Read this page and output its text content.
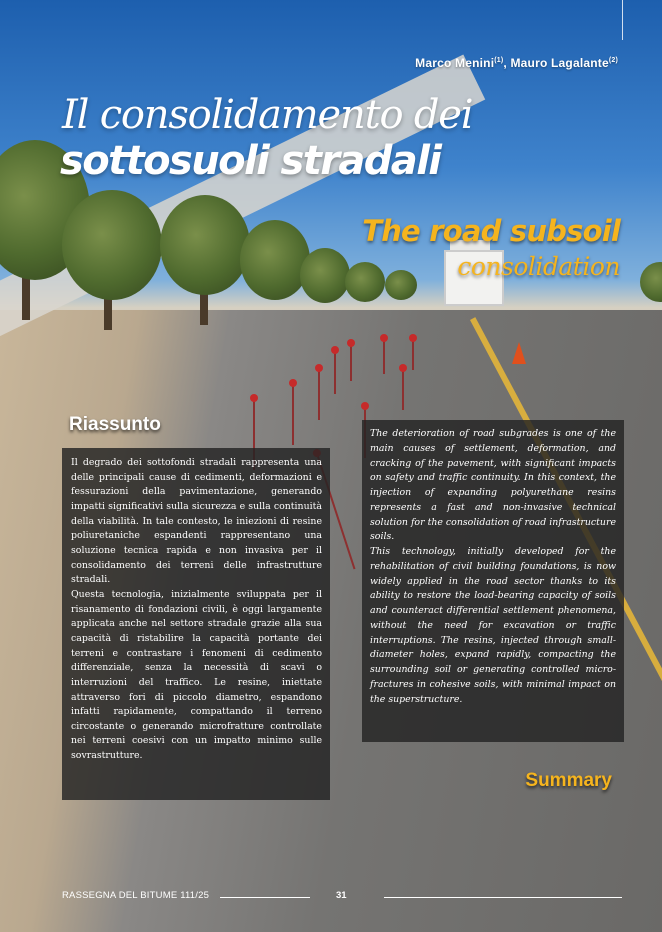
Marco Menini$^{(1)}$, Mauro Lagalante$^{(2)}$
Il consolidamento dei
sottosuoli stradali
The road subsoil
consolidation
Riassunto

Il degrado dei sottofondi stradali rappresenta una delle principali cause di cedimenti, deformazioni e fessurazioni della pavimentazione, generando impatti significativi sulla sicurezza e sulla continuità della viabilità. In tale contesto, le iniezioni di resine poliuretaniche espandenti rappresentano una soluzione tecnica rapida e non invasiva per il consolidamento dei terreni delle infrastrutture stradali.

Questa tecnologia, inizialmente sviluppata per il risanamento di fondazioni civili, è oggi largamente applicata anche nel settore stradale grazie alla sua capacità di ristabilire la capacità portante dei terreni e contrastare i fenomeni di cedimento differenziale, senza la necessità di scavi o interruzioni del traffico. Le resine, iniettate attraverso fori di piccolo diametro, espandono infatti rapidamente, compattando il terreno circostante o generando microfratture controllate nei terreni coesivi con un impatto minimo sulle sovrastrutture.

The deterioration of road subgrades is one of the main causes of settlement, deformation, and cracking of the pavement, with significant impacts on safety and traffic continuity. In this context, the injection of expanding polyurethane resins represents a fast and non-invasive technical solution for the consolidation of road infrastructure soils.

This technology, initially developed for the rehabilitation of civil building foundations, is now widely applied in the road sector thanks to its ability to restore the load-bearing capacity of soils and counteract differential settlement phenomena, without the need for excavation or traffic interruptions. The resins, injected through small-diameter holes, expand rapidly, compacting the surrounding soil or generating controlled micro-fractures in cohesive soils, with minimal impact on the superstructure.

Summary
RASSEGNA DEL BITUME 111/25	31
